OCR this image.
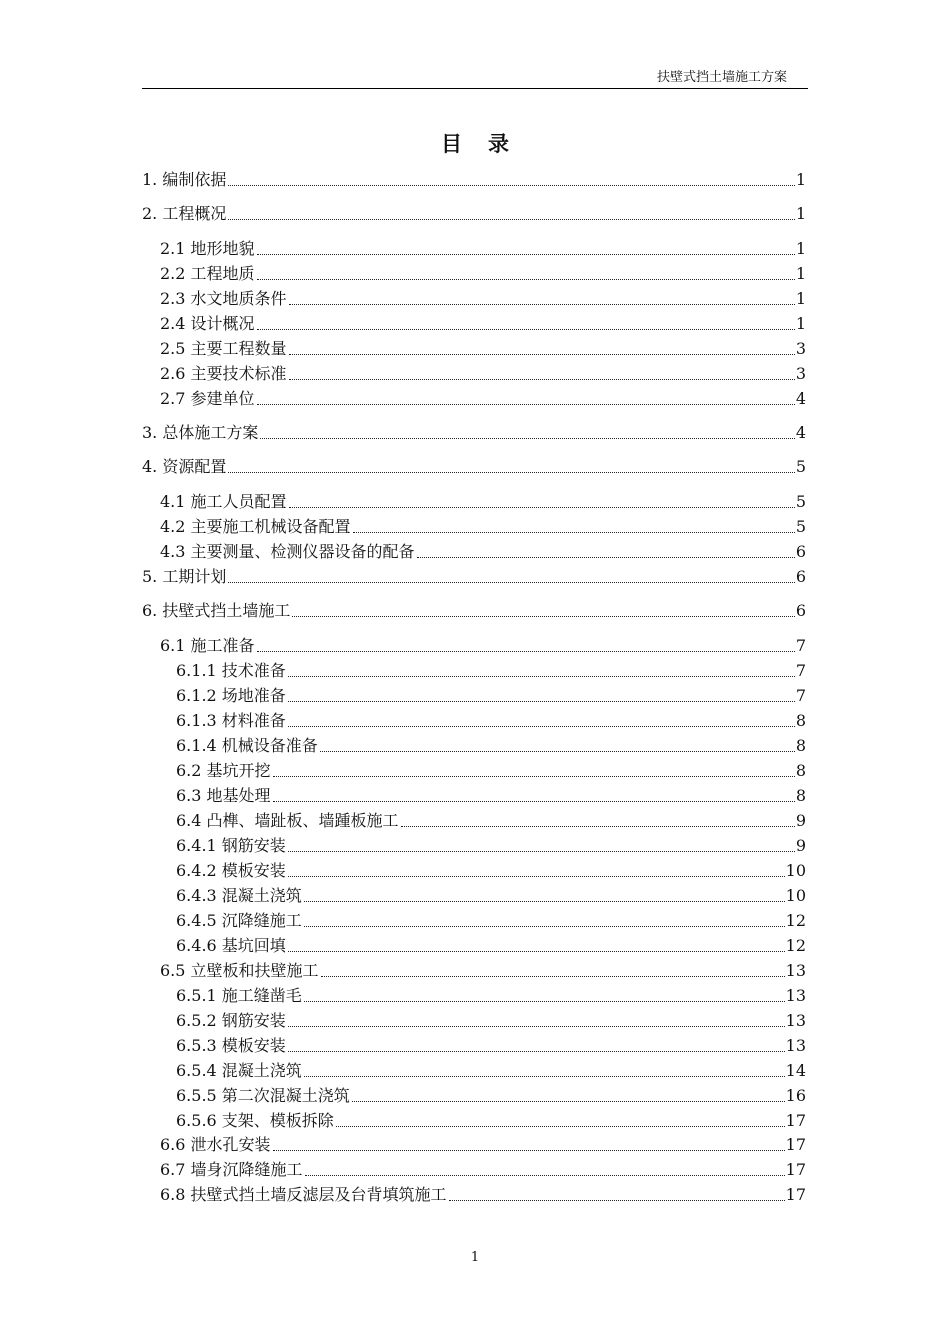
扶壁式挡土墙施工方案
目录
1. 编制依据	1
2. 工程概况	1
2.1 地形地貌	1
2.2 工程地质	1
2.3 水文地质条件	1
2.4 设计概况	1
2.5 主要工程数量	3
2.6 主要技术标准	3
2.7 参建单位	4
3. 总体施工方案	4
4. 资源配置	5
4.1 施工人员配置	5
4.2 主要施工机械设备配置	5
4.3 主要测量、检测仪器设备的配备	6
5. 工期计划	6
6. 扶壁式挡土墙施工	6
6.1 施工准备	7
6.1.1 技术准备	7
6.1.2 场地准备	7
6.1.3 材料准备	8
6.1.4 机械设备准备	8
6.2 基坑开挖	8
6.3 地基处理	8
6.4 凸榫、墙趾板、墙踵板施工	9
6.4.1 钢筋安装	9
6.4.2 模板安装	10
6.4.3 混凝土浇筑	10
6.4.5 沉降缝施工	12
6.4.6 基坑回填	12
6.5 立壁板和扶壁施工	13
6.5.1 施工缝凿毛	13
6.5.2 钢筋安装	13
6.5.3 模板安装	13
6.5.4 混凝土浇筑	14
6.5.5 第二次混凝土浇筑	16
6.5.6 支架、模板拆除	17
6.6 泄水孔安装	17
6.7 墙身沉降缝施工	17
6.8 扶壁式挡土墙反滤层及台背填筑施工	17
1
